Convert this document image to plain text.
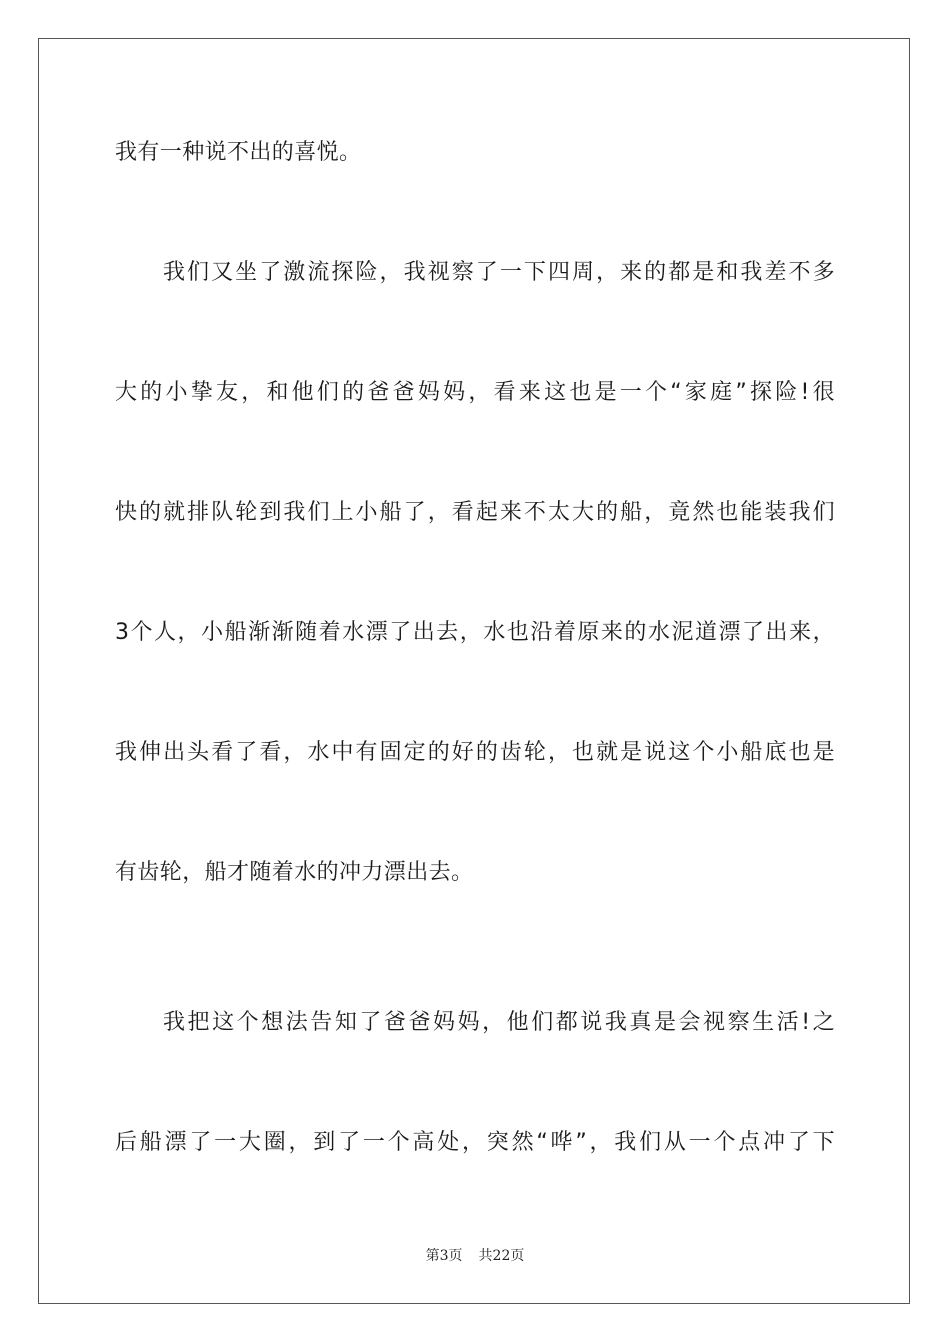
我有一种说不出的喜悦。
我们又坐了激流探险，我视察了一下四周，来的都是和我差不多
大的小挚友，和他们的爸爸妈妈，看来这也是一个“家庭”探险!很
快的就排队轮到我们上小船了，看起来不太大的船，竟然也能装我们
3个人，小船渐渐随着水漂了出去，水也沿着原来的水泥道漂了出来，
我伸出头看了看，水中有固定的好的齿轮，也就是说这个小船底也是
有齿轮，船才随着水的冲力漂出去。
我把这个想法告知了爸爸妈妈，他们都说我真是会视察生活!之
后船漂了一大圈，到了一个高处，突然“哗”，我们从一个点冲了下
第3页 共22页
